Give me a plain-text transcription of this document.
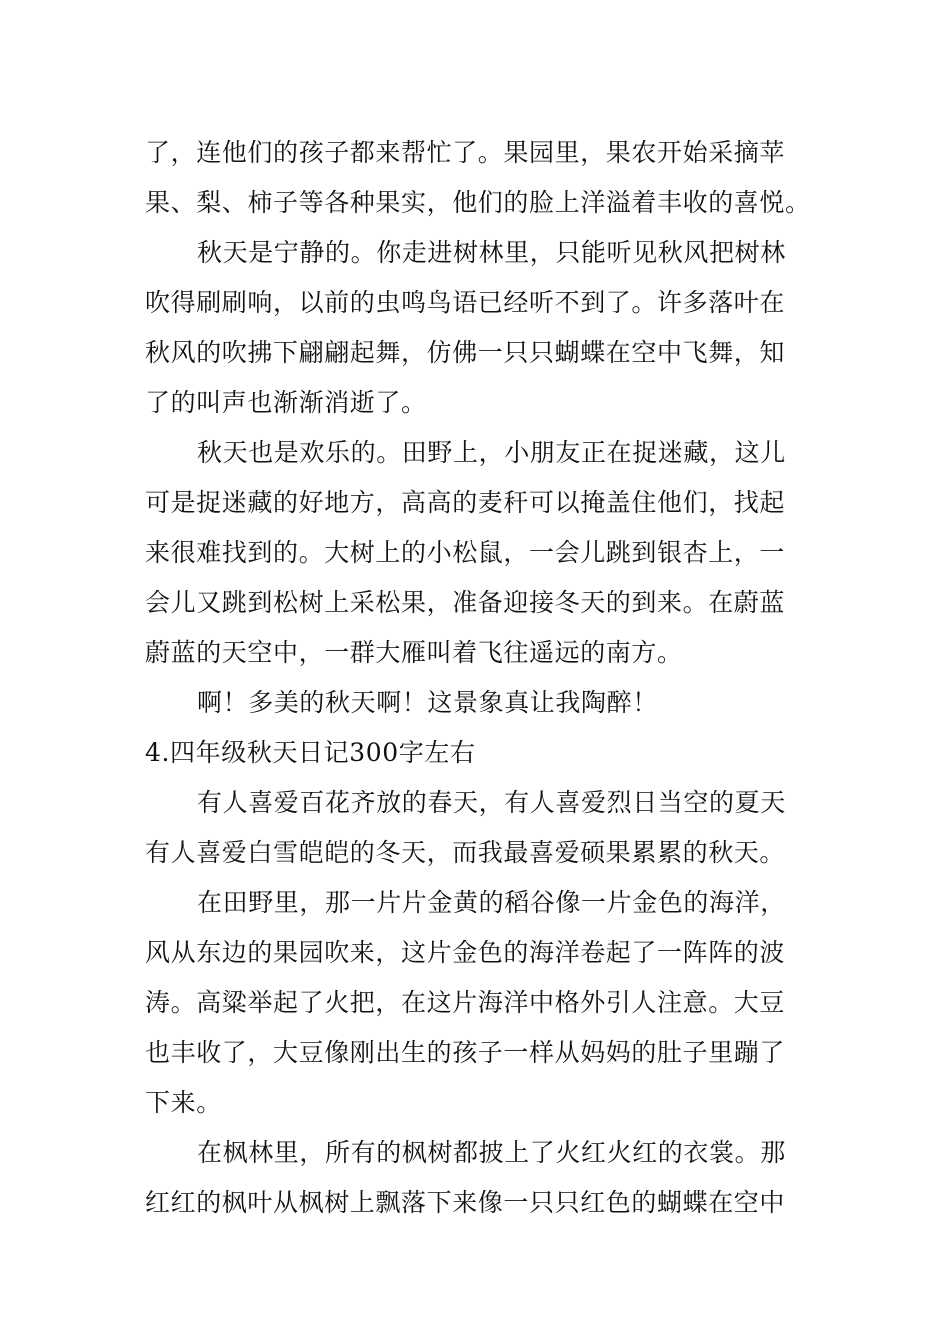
了，连他们的孩子都来帮忙了。果园里，果农开始采摘苹
果、梨、柿子等各种果实，他们的脸上洋溢着丰收的喜悦。
秋天是宁静的。你走进树林里，只能听见秋风把树林
吹得刷刷响，以前的虫鸣鸟语已经听不到了。许多落叶在
秋风的吹拂下翩翩起舞，仿佛一只只蝴蝶在空中飞舞，知
了的叫声也渐渐消逝了。
秋天也是欢乐的。田野上，小朋友正在捉迷藏，这儿
可是捉迷藏的好地方，高高的麦秆可以掩盖住他们，找起
来很难找到的。大树上的小松鼠，一会儿跳到银杏上，一
会儿又跳到松树上采松果，准备迎接冬天的到来。在蔚蓝
蔚蓝的天空中，一群大雁叫着飞往遥远的南方。
啊！多美的秋天啊！这景象真让我陶醉！
4.四年级秋天日记300字左右
有人喜爱百花齐放的春天，有人喜爱烈日当空的夏天
有人喜爱白雪皑皑的冬天，而我最喜爱硕果累累的秋天。
在田野里，那一片片金黄的稻谷像一片金色的海洋，
风从东边的果园吹来，这片金色的海洋卷起了一阵阵的波
涛。高粱举起了火把，在这片海洋中格外引人注意。大豆
也丰收了，大豆像刚出生的孩子一样从妈妈的肚子里蹦了
下来。
在枫林里，所有的枫树都披上了火红火红的衣裳。那
红红的枫叶从枫树上飘落下来像一只只红色的蝴蝶在空中
